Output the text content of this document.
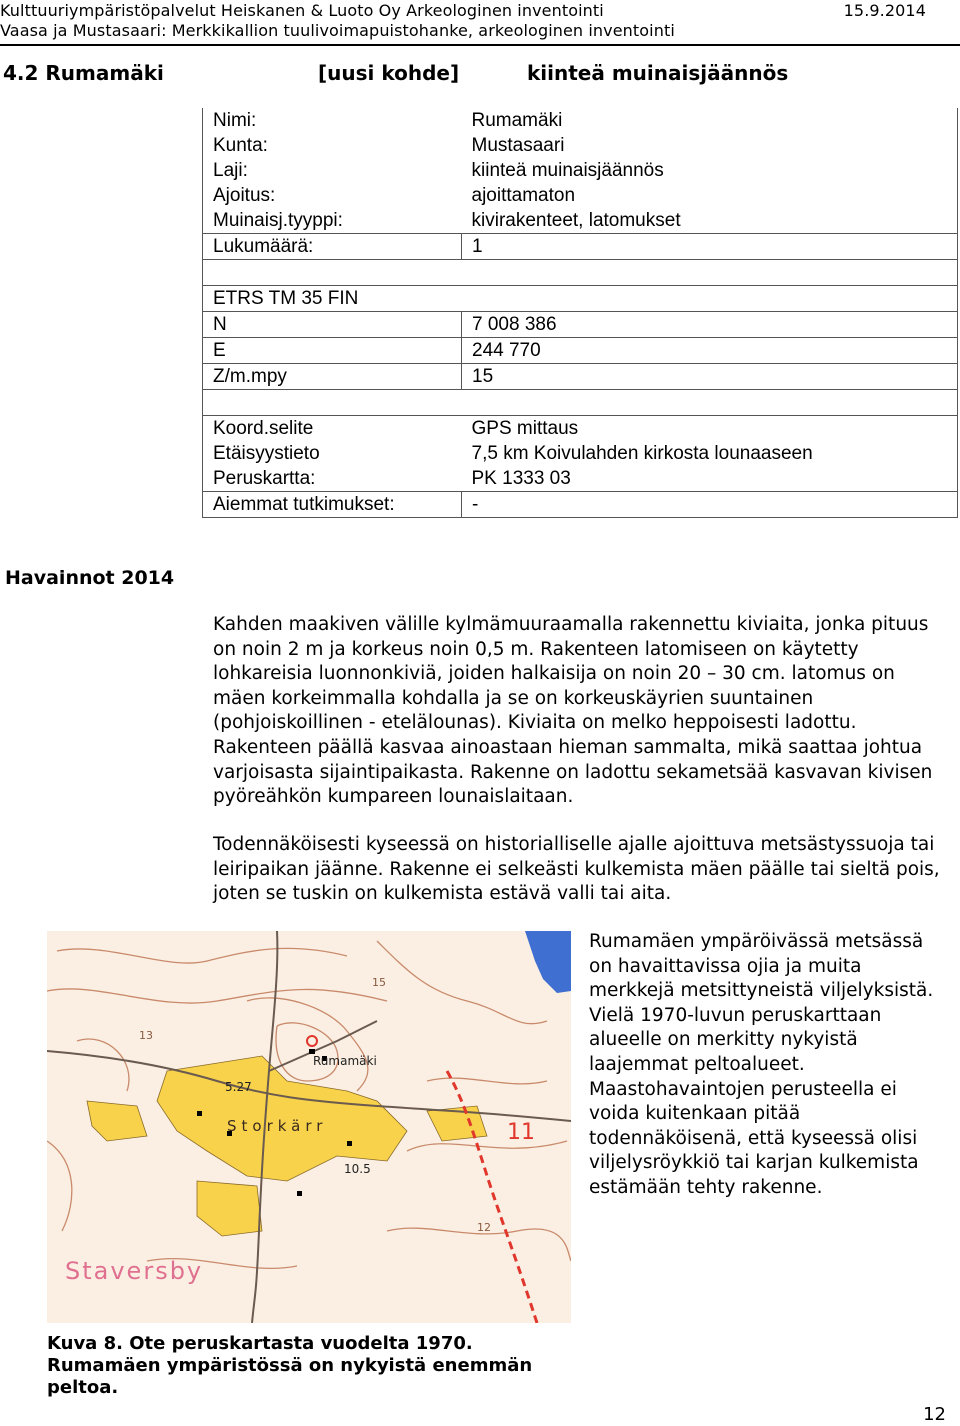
Kulttuuriympäristöpalvelut Heiskanen & Luoto Oy Arkeologinen inventointi	15.9.2014
Vaasa ja Mustasaari: Merkkikallion tuulivoimapuistohanke, arkeologinen inventointi
4.2 Rumamäki	[uusi kohde]	kiinteä muinaisjäännös
Nimi:	Rumamäki
Kunta:	Mustasaari
Laji:	kiinteä muinaisjäännös
Ajoitus:	ajoittamaton
Muinaisj.tyyppi:	kivirakenteet, latomukset
Lukumäärä:	1

ETRS TM 35 FIN	
N	7 008 386
E	244 770
Z/m.mpy	15

Koord.selite	GPS mittaus
Etäisyystieto	7,5 km Koivulahden kirkosta lounaaseen
Peruskartta:	PK 1333 03
Aiemmat tutkimukset:	-
Havainnot 2014
Kahden maakiven välille kylmämuuraamalla rakennettu kiviaita, jonka pituus on noin 2 m ja korkeus noin 0,5 m. Rakenteen latomiseen on käytetty lohkareisia luonnonkiviä, joiden halkaisija on noin 20 – 30 cm. latomus on mäen korkeimmalla kohdalla ja se on korkeuskäyrien suuntainen (pohjoiskoillinen - etelälounas). Kiviaita on melko heppoisesti ladottu. Rakenteen päällä kasvaa ainoastaan hieman sammalta, mikä saattaa johtua varjoisasta sijaintipaikasta. Rakenne on ladottu sekametsää kasvavan kivisen pyöreähkön kumpareen lounaislaitaan.
Todennäköisesti kyseessä on historialliselle ajalle ajoittuva metsästyssuoja tai leiripaikan jäänne. Rakenne ei selkeästi kulkemista mäen päälle tai sieltä pois, joten se tuskin on kulkemista estävä valli tai aita.
Rumamäki
Storkärr
Staversby
10.5
5.27
11
15
13
12
Rumamäen ympäröivässä metsässä on havaittavissa ojia ja muita merkkejä metsittyneistä viljelyksistä. Vielä 1970-luvun peruskarttaan alueelle on merkitty nykyistä laajemmat peltoalueet. Maastohavaintojen perusteella ei voida kuitenkaan pitää todennäköisenä, että kyseessä olisi viljelysröykkiö tai karjan kulkemista estämään tehty rakenne.
Kuva 8. Ote peruskartasta vuodelta 1970. Rumamäen ympäristössä on nykyistä enemmän peltoa.
12
